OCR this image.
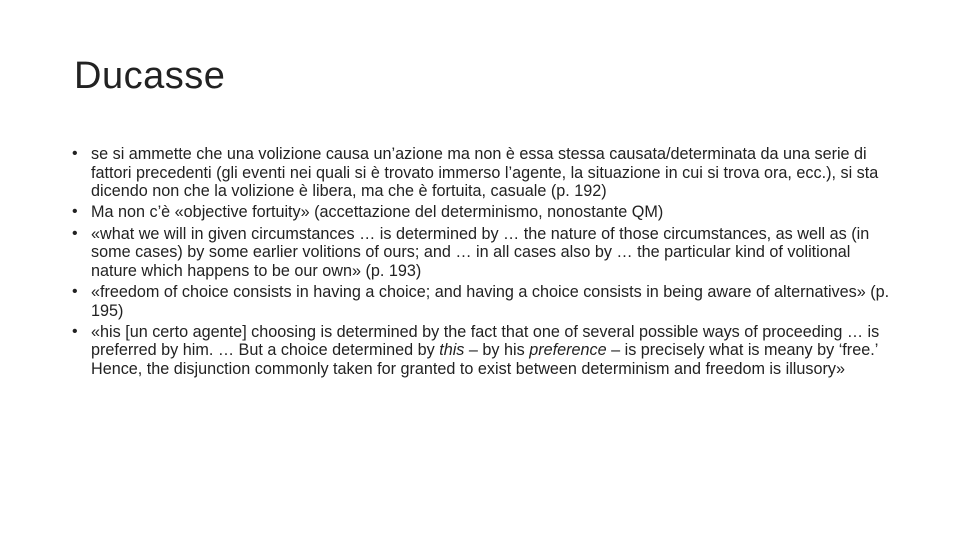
Ducasse
• se si ammette che una volizione causa un’azione ma non è essa stessa causata/determinata da una serie di fattori precedenti (gli eventi nei quali si è trovato immerso l’agente, la situazione in cui si trova ora, ecc.), si sta dicendo non che la volizione è libera, ma che è fortuita, casuale (p. 192)
• Ma non c’è «objective fortuity» (accettazione del determinismo, nonostante QM)
• «what we will in given circumstances … is determined by … the nature of those circumstances, as well as (in some cases) by some earlier volitions of ours; and … in all cases also by … the particular kind of volitional nature which happens to be our own» (p. 193)
• «freedom of choice consists in having a choice; and having a choice consists in being aware of alternatives» (p. 195)
• «his [un certo agente] choosing is determined by the fact that one of several possible ways of proceeding … is preferred by him. … But a choice determined by this – by his preference – is precisely what is meany by ‘free.’ Hence, the disjunction commonly taken for granted to exist between determinism and freedom is illusory»
